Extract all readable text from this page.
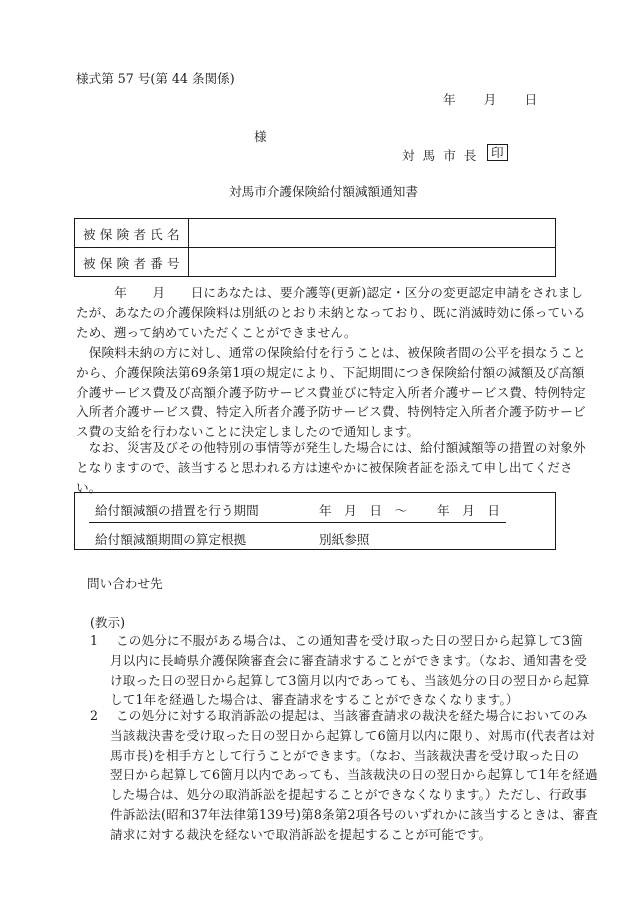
様式第 57 号(第 44 条関係)
年　　月　　日
様
対 馬 市 長	印
対馬市介護保険給付額減額通知書
被保険者氏名	
被保険者番号	
　　　年　　月　　日にあなたは、要介護等(更新)認定・区分の変更認定申請をされまし
たが、あなたの介護保険料は別紙のとおり未納となっており、既に消滅時効に係っている
ため、遡って納めていただくことができません。
　保険料未納の方に対し、通常の保険給付を行うことは、被保険者間の公平を損なうこと
から、介護保険法第69条第1項の規定により、下記期間につき保険給付額の減額及び高額
介護サービス費及び高額介護予防サービス費並びに特定入所者介護サービス費、特例特定
入所者介護サービス費、特定入所者介護予防サービス費、特例特定入所者介護予防サービ
ス費の支給を行わないことに決定しましたので通知します。
　なお、災害及びその他特別の事情等が発生した場合には、給付額減額等の措置の対象外
となりますので、該当すると思われる方は速やかに被保険者証を添えて申し出てくださ
い。
給付額減額の措置を行う期間	年　月　日　～ 年　月　日
給付額減額期間の算定根拠	別紙参照
問い合わせ先
(教示)
1	この処分に不服がある場合は、この通知書を受け取った日の翌日から起算して3箇
月以内に長崎県介護保険審査会に審査請求することができます。（なお、通知書を受
け取った日の翌日から起算して3箇月以内であっても、当該処分の日の翌日から起算
して1年を経過した場合は、審査請求をすることができなくなります。）
2	この処分に対する取消訴訟の提起は、当該審査請求の裁決を経た場合においてのみ
当該裁決書を受け取った日の翌日から起算して6箇月以内に限り、対馬市(代表者は対
馬市長)を相手方として行うことができます。（なお、当該裁決書を受け取った日の
翌日から起算して6箇月以内であっても、当該裁決の日の翌日から起算して1年を経過
した場合は、処分の取消訴訟を提起することができなくなります。）ただし、行政事
件訴訟法(昭和37年法律第139号)第8条第2項各号のいずれかに該当するときは、審査
請求に対する裁決を経ないで取消訴訟を提起することが可能です。
